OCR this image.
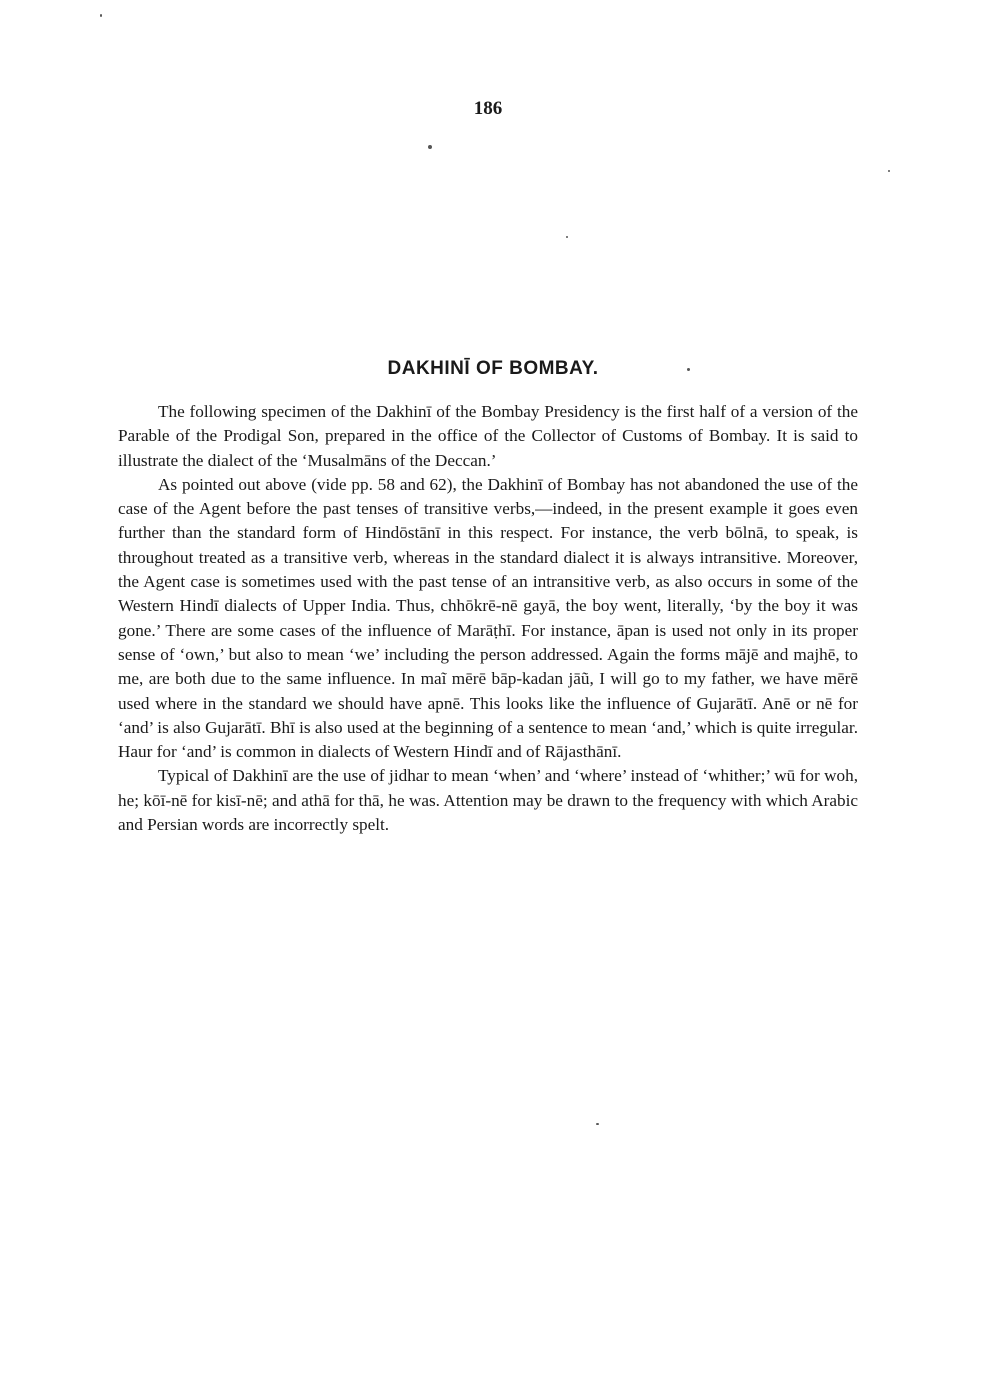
186
DAKHINĪ OF BOMBAY.

The following specimen of the Dakhinī of the Bombay Presidency is the first half of a version of the Parable of the Prodigal Son, prepared in the office of the Collector of Customs of Bombay. It is said to illustrate the dialect of the ‘Musalmāns of the Deccan.’

As pointed out above (vide pp. 58 and 62), the Dakhinī of Bombay has not abandoned the use of the case of the Agent before the past tenses of transitive verbs,—indeed, in the present example it goes even further than the standard form of Hindōstānī in this respect. For instance, the verb bōlnā, to speak, is throughout treated as a transitive verb, whereas in the standard dialect it is always intransitive. Moreover, the Agent case is sometimes used with the past tense of an intransitive verb, as also occurs in some of the Western Hindī dialects of Upper India. Thus, chhōkrē-nē gayā, the boy went, literally, ‘by the boy it was gone.’ There are some cases of the influence of Marāṭhī. For instance, āpan is used not only in its proper sense of ‘own,’ but also to mean ‘we’ including the person addressed. Again the forms mājē and majhē, to me, are both due to the same influence. In maĩ mērē bāp-kadan jāũ, I will go to my father, we have mērē used where in the standard we should have apnē. This looks like the influence of Gujarātī. Anē or nē for ‘and’ is also Gujarātī. Bhī is also used at the beginning of a sentence to mean ‘and,’ which is quite irregular. Haur for ‘and’ is common in dialects of Western Hindī and of Rājasthānī.

Typical of Dakhinī are the use of jidhar to mean ‘when’ and ‘where’ instead of ‘whither;’ wū for woh, he; kōī-nē for kisī-nē; and athā for thā, he was. Attention may be drawn to the frequency with which Arabic and Persian words are incorrectly spelt.
